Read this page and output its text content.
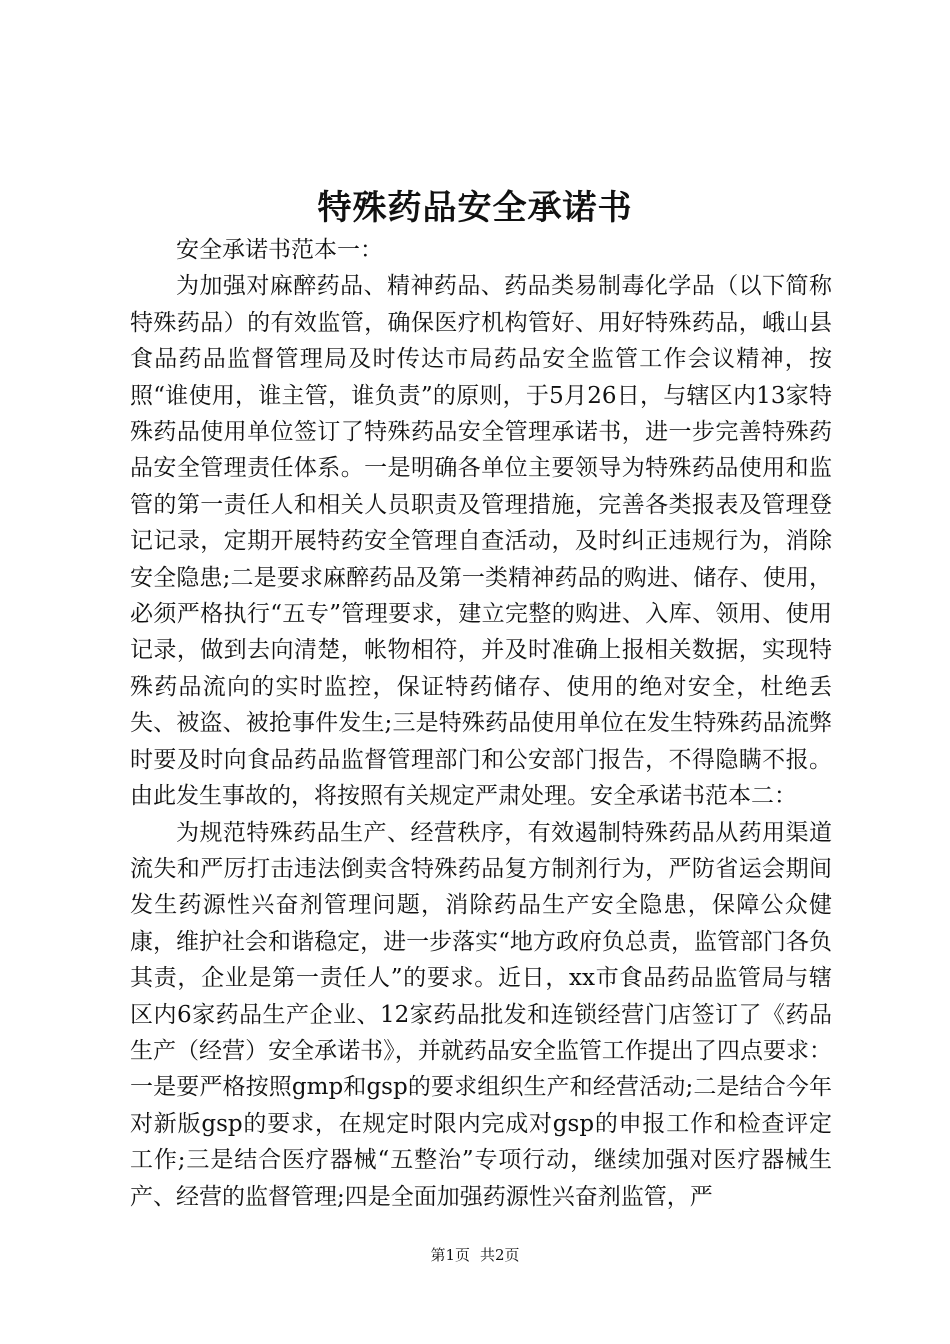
特殊药品安全承诺书

安全承诺书范本一：

为加强对麻醉药品、精神药品、药品类易制毒化学品（以下简称特殊药品）的有效监管，确保医疗机构管好、用好特殊药品，峨山县食品药品监督管理局及时传达市局药品安全监管工作会议精神，按照“谁使用，谁主管，谁负责”的原则，于5月26日，与辖区内13家特殊药品使用单位签订了特殊药品安全管理承诺书，进一步完善特殊药品安全管理责任体系。一是明确各单位主要领导为特殊药品使用和监管的第一责任人和相关人员职责及管理措施，完善各类报表及管理登记记录，定期开展特药安全管理自查活动，及时纠正违规行为，消除安全隐患;二是要求麻醉药品及第一类精神药品的购进、储存、使用，必须严格执行“五专”管理要求，建立完整的购进、入库、领用、使用记录，做到去向清楚，帐物相符，并及时准确上报相关数据，实现特殊药品流向的实时监控，保证特药储存、使用的绝对安全，杜绝丢失、被盗、被抢事件发生;三是特殊药品使用单位在发生特殊药品流弊时要及时向食品药品监督管理部门和公安部门报告，不得隐瞒不报。由此发生事故的，将按照有关规定严肃处理。安全承诺书范本二：

为规范特殊药品生产、经营秩序，有效遏制特殊药品从药用渠道流失和严厉打击违法倒卖含特殊药品复方制剂行为，严防省运会期间发生药源性兴奋剂管理问题，消除药品生产安全隐患，保障公众健康，维护社会和谐稳定，进一步落实“地方政府负总责，监管部门各负其责，企业是第一责任人”的要求。近日，xx市食品药品监管局与辖区内6家药品生产企业、12家药品批发和连锁经营门店签订了《药品生产（经营）安全承诺书》，并就药品安全监管工作提出了四点要求：一是要严格按照gmp和gsp的要求组织生产和经营活动;二是结合今年对新版gsp的要求，在规定时限内完成对gsp的申报工作和检查评定工作;三是结合医疗器械“五整治”专项行动，继续加强对医疗器械生产、经营的监督管理;四是全面加强药源性兴奋剂监管，严

第1页 共2页
